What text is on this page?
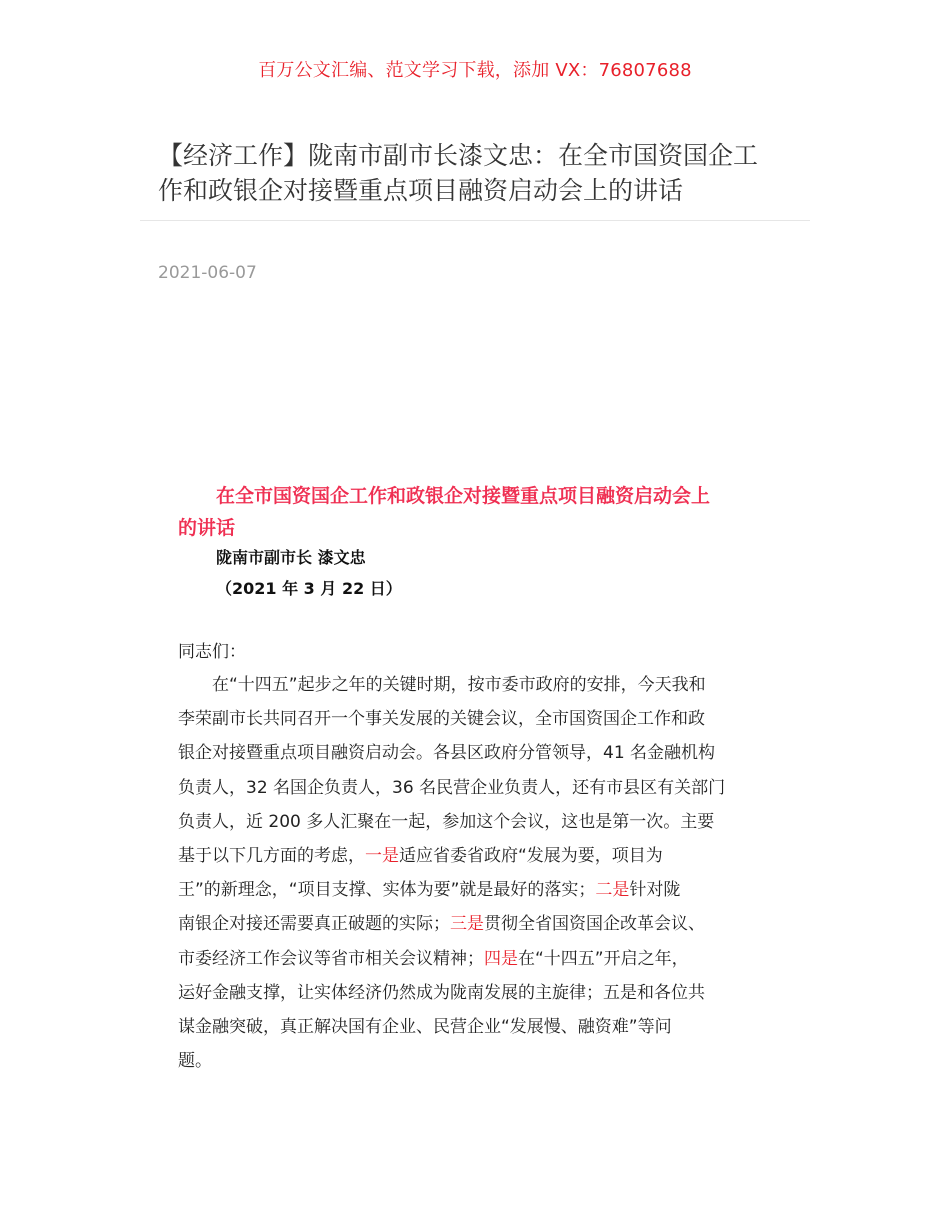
百万公文汇编、范文学习下载，添加 VX：76807688
【经济工作】陇南市副市长漆文忠：在全市国资国企工
作和政银企对接暨重点项目融资启动会上的讲话
2021-06-07
在全市国资国企工作和政银企对接暨重点项目融资启动会上
的讲话
陇南市副市长 漆文忠
（2021 年 3 月 22 日）
同志们：
在“十四五”起步之年的关键时期，按市委市政府的安排，今天我和
李荣副市长共同召开一个事关发展的关键会议，全市国资国企工作和政
银企对接暨重点项目融资启动会。各县区政府分管领导，41 名金融机构
负责人，32 名国企负责人，36 名民营企业负责人，还有市县区有关部门
负责人，近 200 多人汇聚在一起，参加这个会议，这也是第一次。主要
基于以下几方面的考虑，一是适应省委省政府“发展为要，项目为
王”的新理念，“项目支撑、实体为要”就是最好的落实；二是针对陇
南银企对接还需要真正破题的实际；三是贯彻全省国资国企改革会议、
市委经济工作会议等省市相关会议精神；四是在“十四五”开启之年，
运好金融支撑，让实体经济仍然成为陇南发展的主旋律；五是和各位共
谋金融突破，真正解决国有企业、民营企业“发展慢、融资难”等问
题。
